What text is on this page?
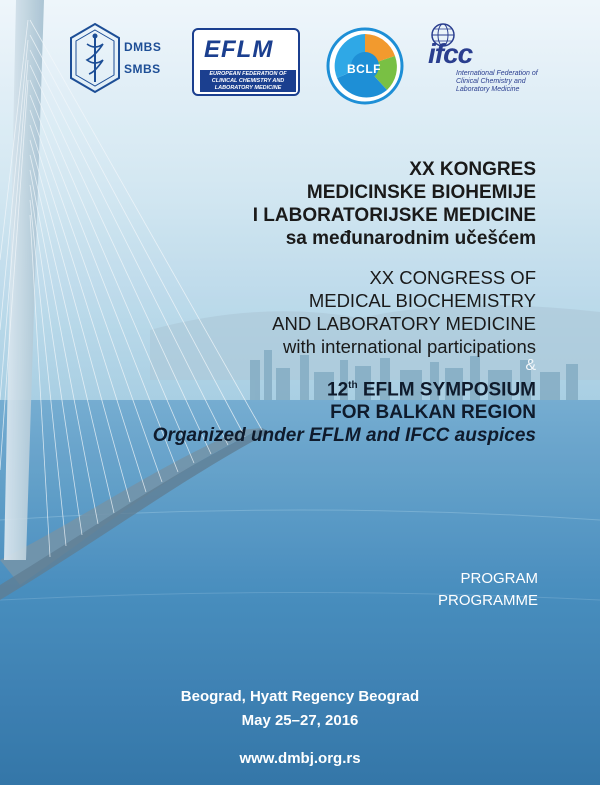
DMBS
SMBS
EFLM
EUROPEAN FEDERATION OF CLINICAL CHEMISTRY AND LABORATORY MEDICINE
BCLF ifcc
International Federation of Clinical Chemistry and Laboratory Medicine
XX KONGRES
MEDICINSKE BIOHEMIJE
I LABORATORIJSKE MEDICINE
sa međunarodnim učešćem
XX CONGRESS OF
MEDICAL BIOCHEMISTRY
AND LABORATORY MEDICINE
with international participations
&
12th EFLM SYMPOSIUM
FOR BALKAN REGION
Organized under EFLM and IFCC auspices
PROGRAM
PROGRAMME
Beograd, Hyatt Regency Beograd
May 25–27, 2016
www.dmbj.org.rs
